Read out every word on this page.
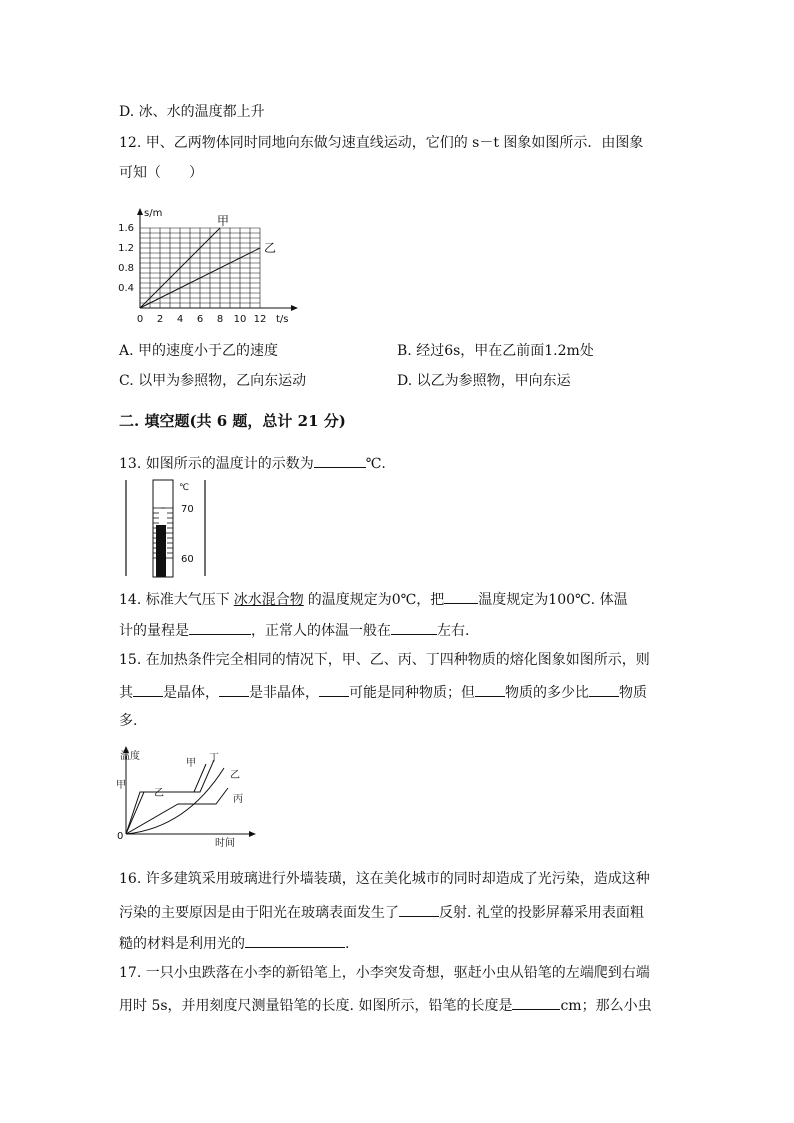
D. 冰、水的温度都上升
12. 甲、乙两物体同时同地向东做匀速直线运动，它们的 s－t 图象如图所示．由图象
可知（　　）
甲
乙
0 2 4 6 8 10 12
0.4
0.8
1.2
1.6
t/s
s/m
A. 甲的速度小于乙的速度	B. 经过6s，甲在乙前面1.2m处
C. 以甲为参照物，乙向东运动	D. 以乙为参照物，甲向东运
二. 填空题(共 6 题，总计 21 分)
13. 如图所示的温度计的示数为	℃.
℃
70
60
14. 标准大气压下 冰水混合物 的温度规定为0℃，把 温度规定为100℃. 体温
计的量程是	，正常人的体温一般在	左右.
15. 在加热条件完全相同的情况下，甲、乙、丙、丁四种物质的熔化图象如图所示，则
其 是晶体， 是非晶体， 可能是同种物质；但 物质的多少比 物质
多.
温度
时间
0
甲 丁
乙
丙
甲
乙
16. 许多建筑采用玻璃进行外墙装璜，这在美化城市的同时却造成了光污染，造成这种
污染的主要原因是由于阳光在玻璃表面发生了	反射. 礼堂的投影屏幕采用表面粗
糙的材料是利用光的	.
17. 一只小虫跌落在小李的新铅笔上，小李突发奇想，驱赶小虫从铅笔的左端爬到右端
用时 5s，并用刻度尺测量铅笔的长度. 如图所示，铅笔的长度是	cm；那么小虫
